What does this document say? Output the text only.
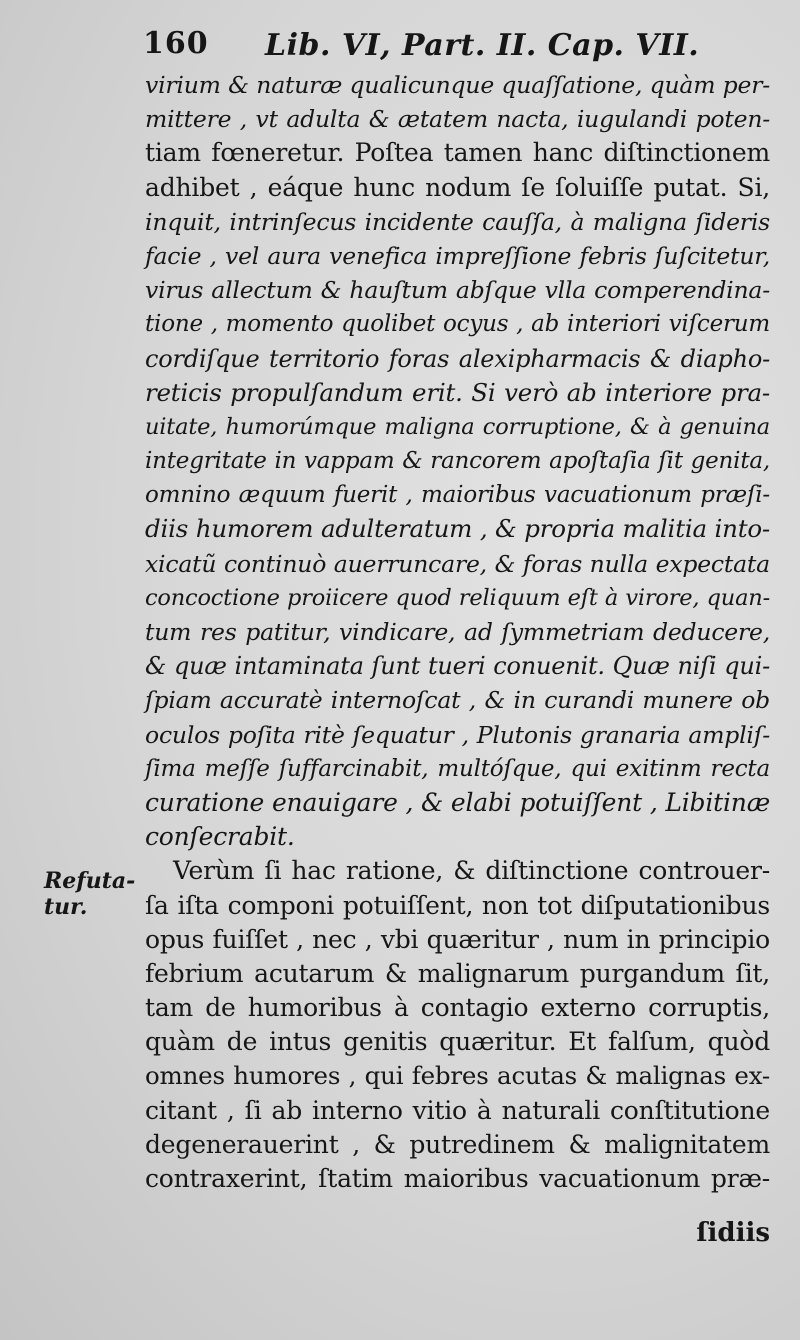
160 Lib. VI, Part. II. Cap. VII.
Refuta-
tur.
virium & naturæ qualicunque quaſſatione, quàm per-
mittere , vt adulta & ætatem nacta, iugulandi poten-
tiam fœneretur. Poſtea tamen hanc diſtinctionem
adhibet , eáque hunc nodum ſe ſoluiſſe putat. Si,
inquit, intrinſecus incidente cauſſa, à maligna ſideris
facie , vel aura venefica impreſſione febris ſuſcitetur,
virus allectum & hauſtum abſque vlla comperendina-
tione , momento quolibet ocyus , ab interiori viſcerum
cordiſque territorio foras alexipharmacis & diapho-
reticis propulſandum erit. Si verò ab interiore pra-
uitate, humorúmque maligna corruptione, & à genuina
integritate in vappam & rancorem apoſtaſia ſit genita,
omnino æquum fuerit , maioribus vacuationum præſi-
diis humorem adulteratum , & propria malitia into-
xicatũ continuò auerruncare, & foras nulla expectata
concoctione proiicere quod reliquum eſt à virore, quan-
tum res patitur, vindicare, ad ſymmetriam deducere,
& quæ intaminata ſunt tueri conuenit. Quæ niſi qui-
ſpiam accuratè internoſcat , & in curandi munere ob
oculos poſita ritè ſequatur , Plutonis granaria ampliſ-
ſima meſſe ſuffarcinabit, multóſque, qui exitinm recta
curatione enauigare , & elabi potuiſſent , Libitinæ
conſecrabit.
Verùm ſi hac ratione, & diſtinctione controuer-
ſa iſta componi potuiſſent, non tot diſputationibus
opus fuiſſet , nec , vbi quæritur , num in principio
febrium acutarum & malignarum purgandum ſit,
tam de humoribus à contagio externo corruptis,
quàm de intus genitis quæritur. Et falſum, quòd
omnes humores , qui febres acutas & malignas ex-
citant , ſi ab interno vitio à naturali conſtitutione
degenerauerint , & putredinem & malignitatem
contraxerint, ſtatim maioribus vacuationum præ-
ſidiis
